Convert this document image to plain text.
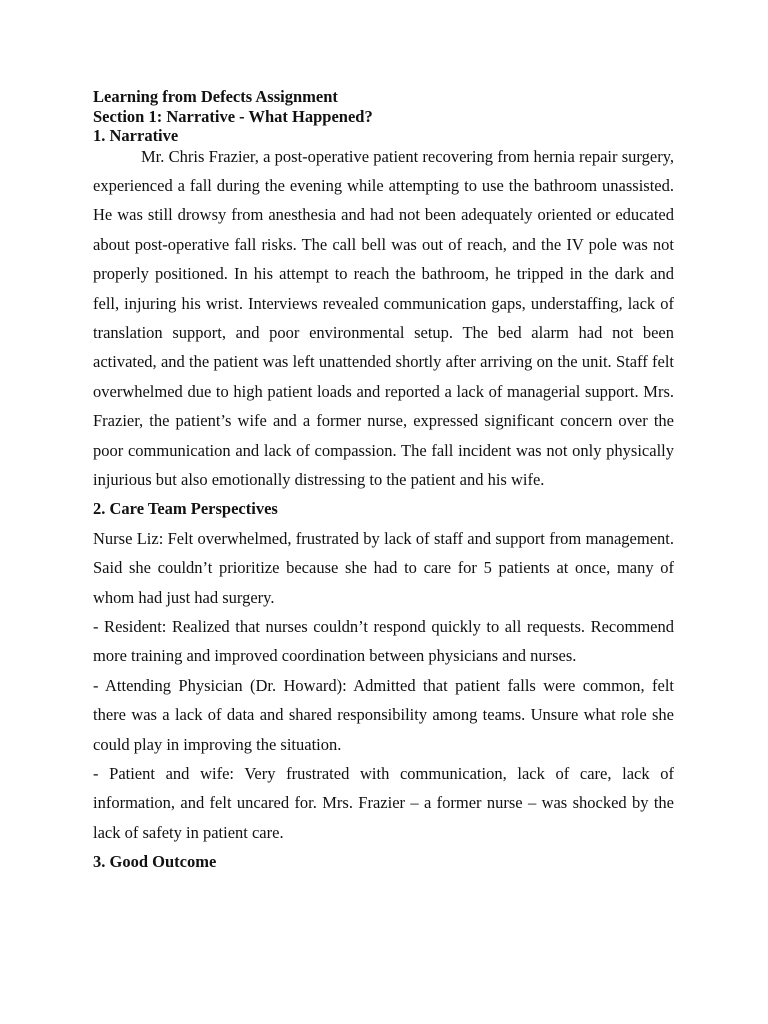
Learning from Defects Assignment

Section 1: Narrative - What Happened?

1. Narrative

Mr. Chris Frazier, a post-operative patient recovering from hernia repair surgery, experienced a fall during the evening while attempting to use the bathroom unassisted. He was still drowsy from anesthesia and had not been adequately oriented or educated about post-operative fall risks. The call bell was out of reach, and the IV pole was not properly positioned. In his attempt to reach the bathroom, he tripped in the dark and fell, injuring his wrist. Interviews revealed communication gaps, understaffing, lack of translation support, and poor environmental setup. The bed alarm had not been activated, and the patient was left unattended shortly after arriving on the unit. Staff felt overwhelmed due to high patient loads and reported a lack of managerial support. Mrs. Frazier, the patient’s wife and a former nurse, expressed significant concern over the poor communication and lack of compassion. The fall incident was not only physically injurious but also emotionally distressing to the patient and his wife.

2. Care Team Perspectives

Nurse Liz: Felt overwhelmed, frustrated by lack of staff and support from management. Said she couldn’t prioritize because she had to care for 5 patients at once, many of whom had just had surgery.

- Resident: Realized that nurses couldn’t respond quickly to all requests. Recommend more training and improved coordination between physicians and nurses.

- Attending Physician (Dr. Howard): Admitted that patient falls were common, felt there was a lack of data and shared responsibility among teams. Unsure what role she could play in improving the situation.

- Patient and wife: Very frustrated with communication, lack of care, lack of information, and felt uncared for. Mrs. Frazier – a former nurse – was shocked by the lack of safety in patient care.

3. Good Outcome
